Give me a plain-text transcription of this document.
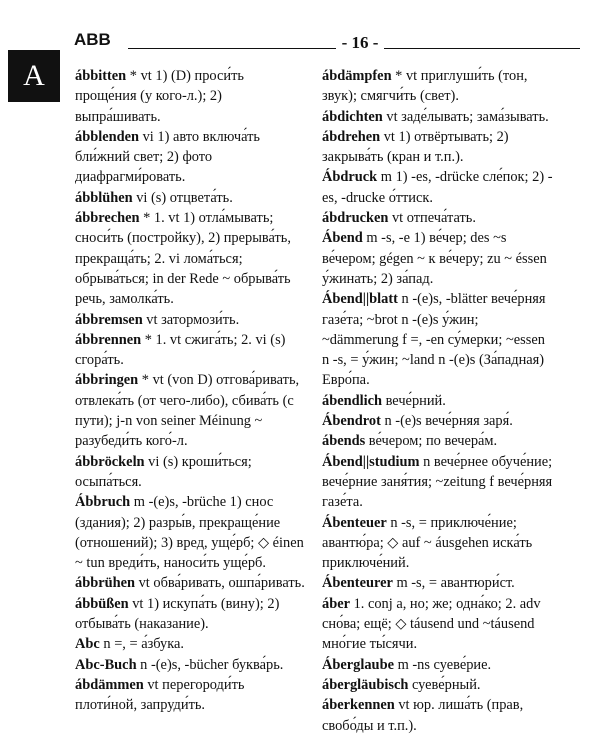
A
ABB	- 16 -
ábbitten * vt 1) (D) проси́ть проще́ния (у кого-л.); 2) выпра́шивать.
ábblenden vi 1) авто включа́ть бли́жний свет; 2) фото диафрагми́ровать.
ábblühen vi (s) отцвета́ть.
ábbrechen * 1. vt 1) отла́мывать; сноси́ть (постройку), 2) прерыва́ть, прекраща́ть; 2. vi лома́ться; обрыва́ться; in der Rede ~ обрыва́ть речь, замолка́ть.
ábbremsen vt затормози́ть.
ábbrennen * 1. vt сжига́ть; 2. vi (s) сгора́ть.
ábbringen * vt (von D) отгова́ривать, отвлека́ть (от чего-либо), сбива́ть (с пути); j-n von seiner Méinung ~ разубеди́ть кого́-л.
ábbröckeln vi (s) кроши́ться; осыпа́ться.
Ábbruch m -(e)s, -brüche 1) снос (здания); 2) разры́в, прекраще́ние (отношений); 3) вред, уще́рб; ◇ éinen ~ tun вреди́ть, нанoси́ть уще́рб.
ábbrühen vt обва́ривать, ошпа́ривать.
ábbüßen vt 1) искупа́ть (вину); 2) отбыва́ть (наказание).
Abc n =, = а́збука.
Abc-Buch n -(e)s, -bücher буква́рь.
ábdämmen vt перегороди́ть плоти́ной, запруди́ть.
ábdämpfen * vt приглуши́ть (тон, звук); смягчи́ть (свет).
ábdichten vt заде́лывать; зама́зывать.
ábdrehen vt 1) отвёртывать; 2) закрыва́ть (кран и т.п.).
Ábdruck m 1) -es, -drücke сле́пок; 2) -es, -drucke о́ттиск.
ábdrucken vt отпеча́тать.
Ábend m -s, -e 1) ве́чер; des ~s ве́чером; gégen ~ к ве́черу; zu ~ éssen у́жинать; 2) за́пад.
Ábend||blatt n -(e)s, -blätter вече́рняя газе́та; ~brot n -(e)s у́жин; ~dämmerung f =, -en су́мерки; ~essen n -s, = у́жин; ~land n -(e)s (За́падная) Евро́па.
ábendlich вече́рний.
Ábendrot n -(e)s вече́рняя заря́.
ábends ве́чером; по вечера́м.
Ábend||studium n вече́рнее обуче́ние; вече́рние заня́тия; ~zeitung f вече́рняя газе́та.
Ábenteuer n -s, = приключе́ние; авантю́ра; ◇ auf ~ áusgehen иска́ть приключе́ний.
Ábenteurer m -s, = авантюри́ст.
áber 1. conj а, но; же; одна́ко; 2. adv сно́ва; ещё; ◇ táusend und ~táusend мно́гие ты́сячи.
Áberglaube m -ns суеве́рие.
ábergläubisch суеве́рный.
áberkennen vt юр. лиша́ть (прав, свобо́ды и т.п.).
